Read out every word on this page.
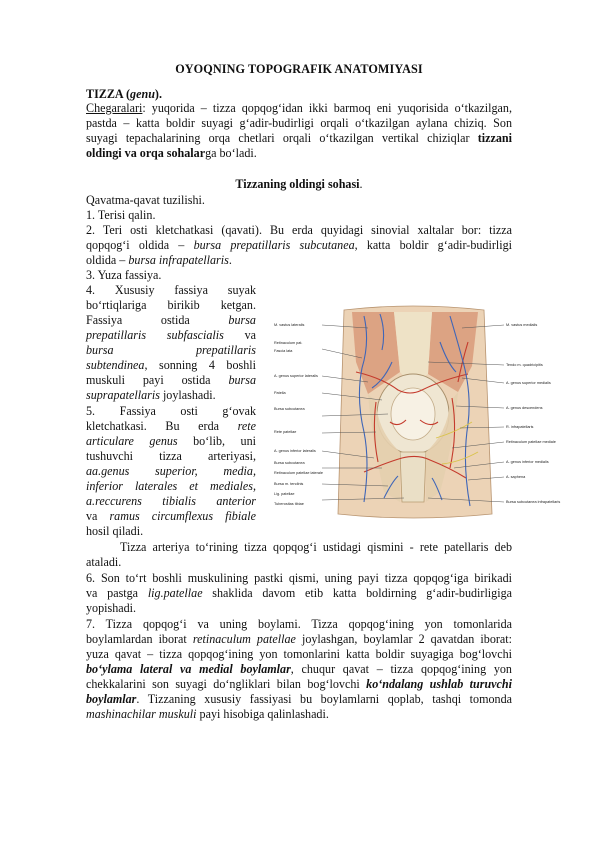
OYOQNING TOPOGRAFIK ANATOMIYASI
TIZZA (genu).
Chegaralari: yuqorida – tizza qopqog‘idan ikki barmoq eni yuqorisida o‘tkazilgan,
pastda – katta boldir suyagi g‘adir-budirligi orqali o‘tkazilgan aylana chiziq. Son
suyagi tepachalarining orqa chetlari orqali o‘tkazilgan vertikal chiziqlar tizzani
oldingi va orqa sohalarga bo‘ladi.
Tizzaning oldingi sohasi.
Qavatma-qavat tuzilishi.
1. Terisi qalin.
2. Teri osti kletchatkasi (qavati). Bu erda quyidagi sinovial xaltalar bor: tizza
qopqog‘i oldida – bursa prepatillaris subcutanea, katta boldir g‘adir-budirligi
oldida – bursa infrapatellaris.
3. Yuza fassiya.
4. Xususiy fassiya suyak
bo‘rtiqlariga birikib ketgan.
Fassiya ostida	bursa
prepatillaris subfascialis va
bursa	prepatillaris
subtendinea, sonning 4 boshli
muskuli payi ostida bursa
suprapatellaris joylashadi.
5. Fassiya osti g‘ovak
kletchatkasi. Bu erda rete
articulare genus bo‘lib, uni
tushuvchi tizza arteriyasi,
aa.genus superior, media,
inferior laterales et mediales,
a.reccurens tibialis anterior
va ramus circumflexus fibiale
hosil qiladi.
Tizza arteriya to‘rining tizza qopqog‘i ustidagi qismini - rete patellaris deb
ataladi.
6. Son to‘rt boshli muskulining pastki qismi, uning payi tizza qopqog‘iga birikadi
va pastga lig.patellae shaklida davom etib katta boldirning g‘adir-budirligiga
yopishadi.
7. Tizza qopqog‘i va uning boylami. Tizza qopqog‘ining yon tomonlarida
boylamlardan iborat retinaculum patellae joylashgan, boylamlar 2 qavatdan iborat:
yuza qavat – tizza qopqog‘ining yon tomonlarini katta boldir suyagiga bog‘lovchi
bo‘ylama lateral va medial boylamlar, chuqur qavat – tizza qopqog‘ining yon
chekkalarini son suyagi do‘ngliklari bilan bog‘lovchi ko‘ndalang ushlab turuvchi
boylamlar. Tizzaning xususiy fassiyasi bu boylamlarni qoplab, tashqi tomonda
mashinachilar muskuli payi hisobiga qalinlashadi.
M. vastus lateralis
Retinaculum pat.
Fascia lata
A. genus superior lateralis
Patella
Bursa subcutanea
Rete patellae
A. genus inferior lateralis
Bursa subcutanea
Retinaculum patellae laterale
Bursa m. tendinis
Lig. patellae
Tuberositas tibiae
M. vastus medialis
Tendo m. quadricipitis
A. genus superior medialis
A. genus descendens
R. infrapatellaris
Retinaculum patellae mediale
A. genus inferior medialis
A. saphena
Bursa subcutanea infrapatellaris
